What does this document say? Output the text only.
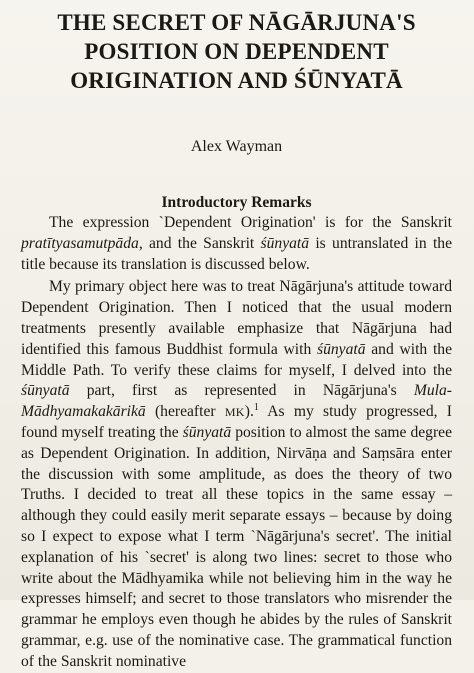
THE SECRET OF NĀGĀRJUNA'S
POSITION ON DEPENDENT
ORIGINATION AND ŚŪNYATĀ
Alex Wayman
Introductory Remarks

The expression `Dependent Origination' is for the Sanskrit pratītyasamutpāda, and the Sanskrit śūnyatā is untranslated in the title because its translation is discussed below.

My primary object here was to treat Nāgārjuna's attitude toward Dependent Origination. Then I noticed that the usual modern treatments presently available emphasize that Nāgārjuna had identified this famous Buddhist formula with śūnyatā and with the Middle Path. To verify these claims for myself, I delved into the śūnyatā part, first as represented in Nāgārjuna's Mula-Mādhyamakakārikā (hereafter MK).$^1$ As my study progressed, I found myself treating the śūnyatā position to almost the same degree as Dependent Origination. In addition, Nirvāṇa and Saṃsāra enter the discussion with some amplitude, as does the theory of two Truths. I decided to treat all these topics in the same essay – although they could easily merit separate essays – because by doing so I expect to expose what I term `Nāgārjuna's secret'. The initial explanation of his `secret' is along two lines: secret to those who write about the Mādhyamika while not believing him in the way he expresses himself; and secret to those translators who misrender the grammar he employs even though he abides by the rules of Sanskrit grammar, e.g. use of the nominative case. The grammatical function of the Sanskrit nominative
